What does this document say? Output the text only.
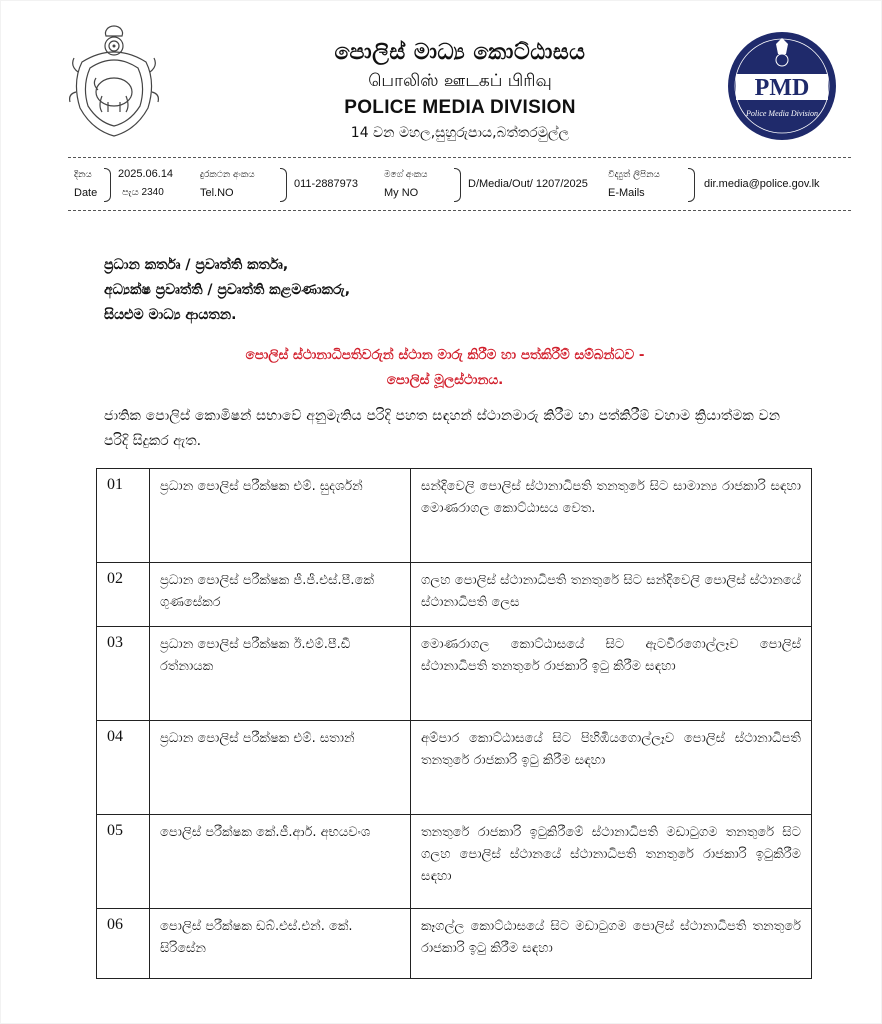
පොලිස් මාධ්‍ය කොට්ඨාසය
பொலிஸ் ஊடகப் பிரிவு
POLICE MEDIA DIVISION
14 වන මහල,සුහුරුපාය,බත්තරමුල්ල
PMD
Police Media Division
දිනය
Date
2025.06.14
පැය 2340
දුරකථන අංකය
Tel.NO
011-2887973
මගේ අංකය
My NO
D/Media/Out/ 1207/2025
විද්‍යුත් ලිපිනය
E-Mails
dir.media@police.gov.lk
ප්‍රධාන කර්තෘ / ප්‍රවෘත්ති කර්තෘ,
අධ්‍යක්ෂ ප්‍රවෘත්ති / ප්‍රවෘත්ති කළමණාකරු,
සියළුම මාධ්‍ය ආයතන.
පොලිස් ස්ථානාධිපතිවරුන් ස්ථාන මාරු කිරීම හා පත්කිරීම් සම්බන්ධව -
පොලිස් මූලස්ථානය.
ජාතික පොලිස් කොමිෂන් සභාවේ අනුමැතිය පරිදි පහත සඳහන් ස්ථානමාරු කිරීම හා පත්කිරීම් වහාම ක්‍රියාත්මක වන පරිදි සිදුකර ඇත.
01	ප්‍රධාන පොලිස් පරීක්ෂක එම්. සුදර්ශන්	සන්දිවෙලි පොලිස් ස්ථානාධිපති තනතුරේ සිට සාමාන්‍ය රාජකාරි සඳහා මොණරාගල කොට්ඨාසය වෙත.
02	ප්‍රධාන පොලිස් පරීක්ෂක ජී.ජී.එස්.පී.කේ ගුණසේකර	ගලහ පොලිස් ස්ථානාධිපති තනතුරේ සිට සන්දිවෙලි පොලිස් ස්ථානයේ ස්ථානාධිපති ලෙස
03	ප්‍රධාන පොලිස් පරීක්ෂක ඊ.එම්.පී.ඩී රත්නායක	මොණරාගල කොට්ඨාසයේ සිට ඇටවීරගොල්ලෑව පොලිස් ස්ථානාධිපති තනතුරේ රාජකාරි ඉටු කිරීම සඳහා
04	ප්‍රධාන පොලිස් පරීක්ෂක එම්. සතාන්	අම්පාර කොට්ඨාසයේ සිට පිහිඹියගොල්ලෑව පොලිස් ස්ථානාධිපති තනතුරේ රාජකාරි ඉටු කිරීම සඳහා
05	පොලිස් පරීක්ෂක කේ.ජී.ආර්. අභයවංශ	තනතුරේ රාජකාරි ඉටුකිරීමේ ස්ථානාධිපති මඩාටුගම තනතුරේ සිට ගලහ පොලිස් ස්ථානයේ ස්ථානාධිපති තනතුරේ රාජකාරි ඉටුකිරීම සඳහා
06	පොලිස් පරීක්ෂක ඩබ්.එස්.එන්. කේ. සිරිසේන	කෑගල්ල කොට්ඨාසයේ සිට මඩාටුගම පොලිස් ස්ථානාධිපති තනතුරේ රාජකාරි ඉටු කිරීම සඳහා
